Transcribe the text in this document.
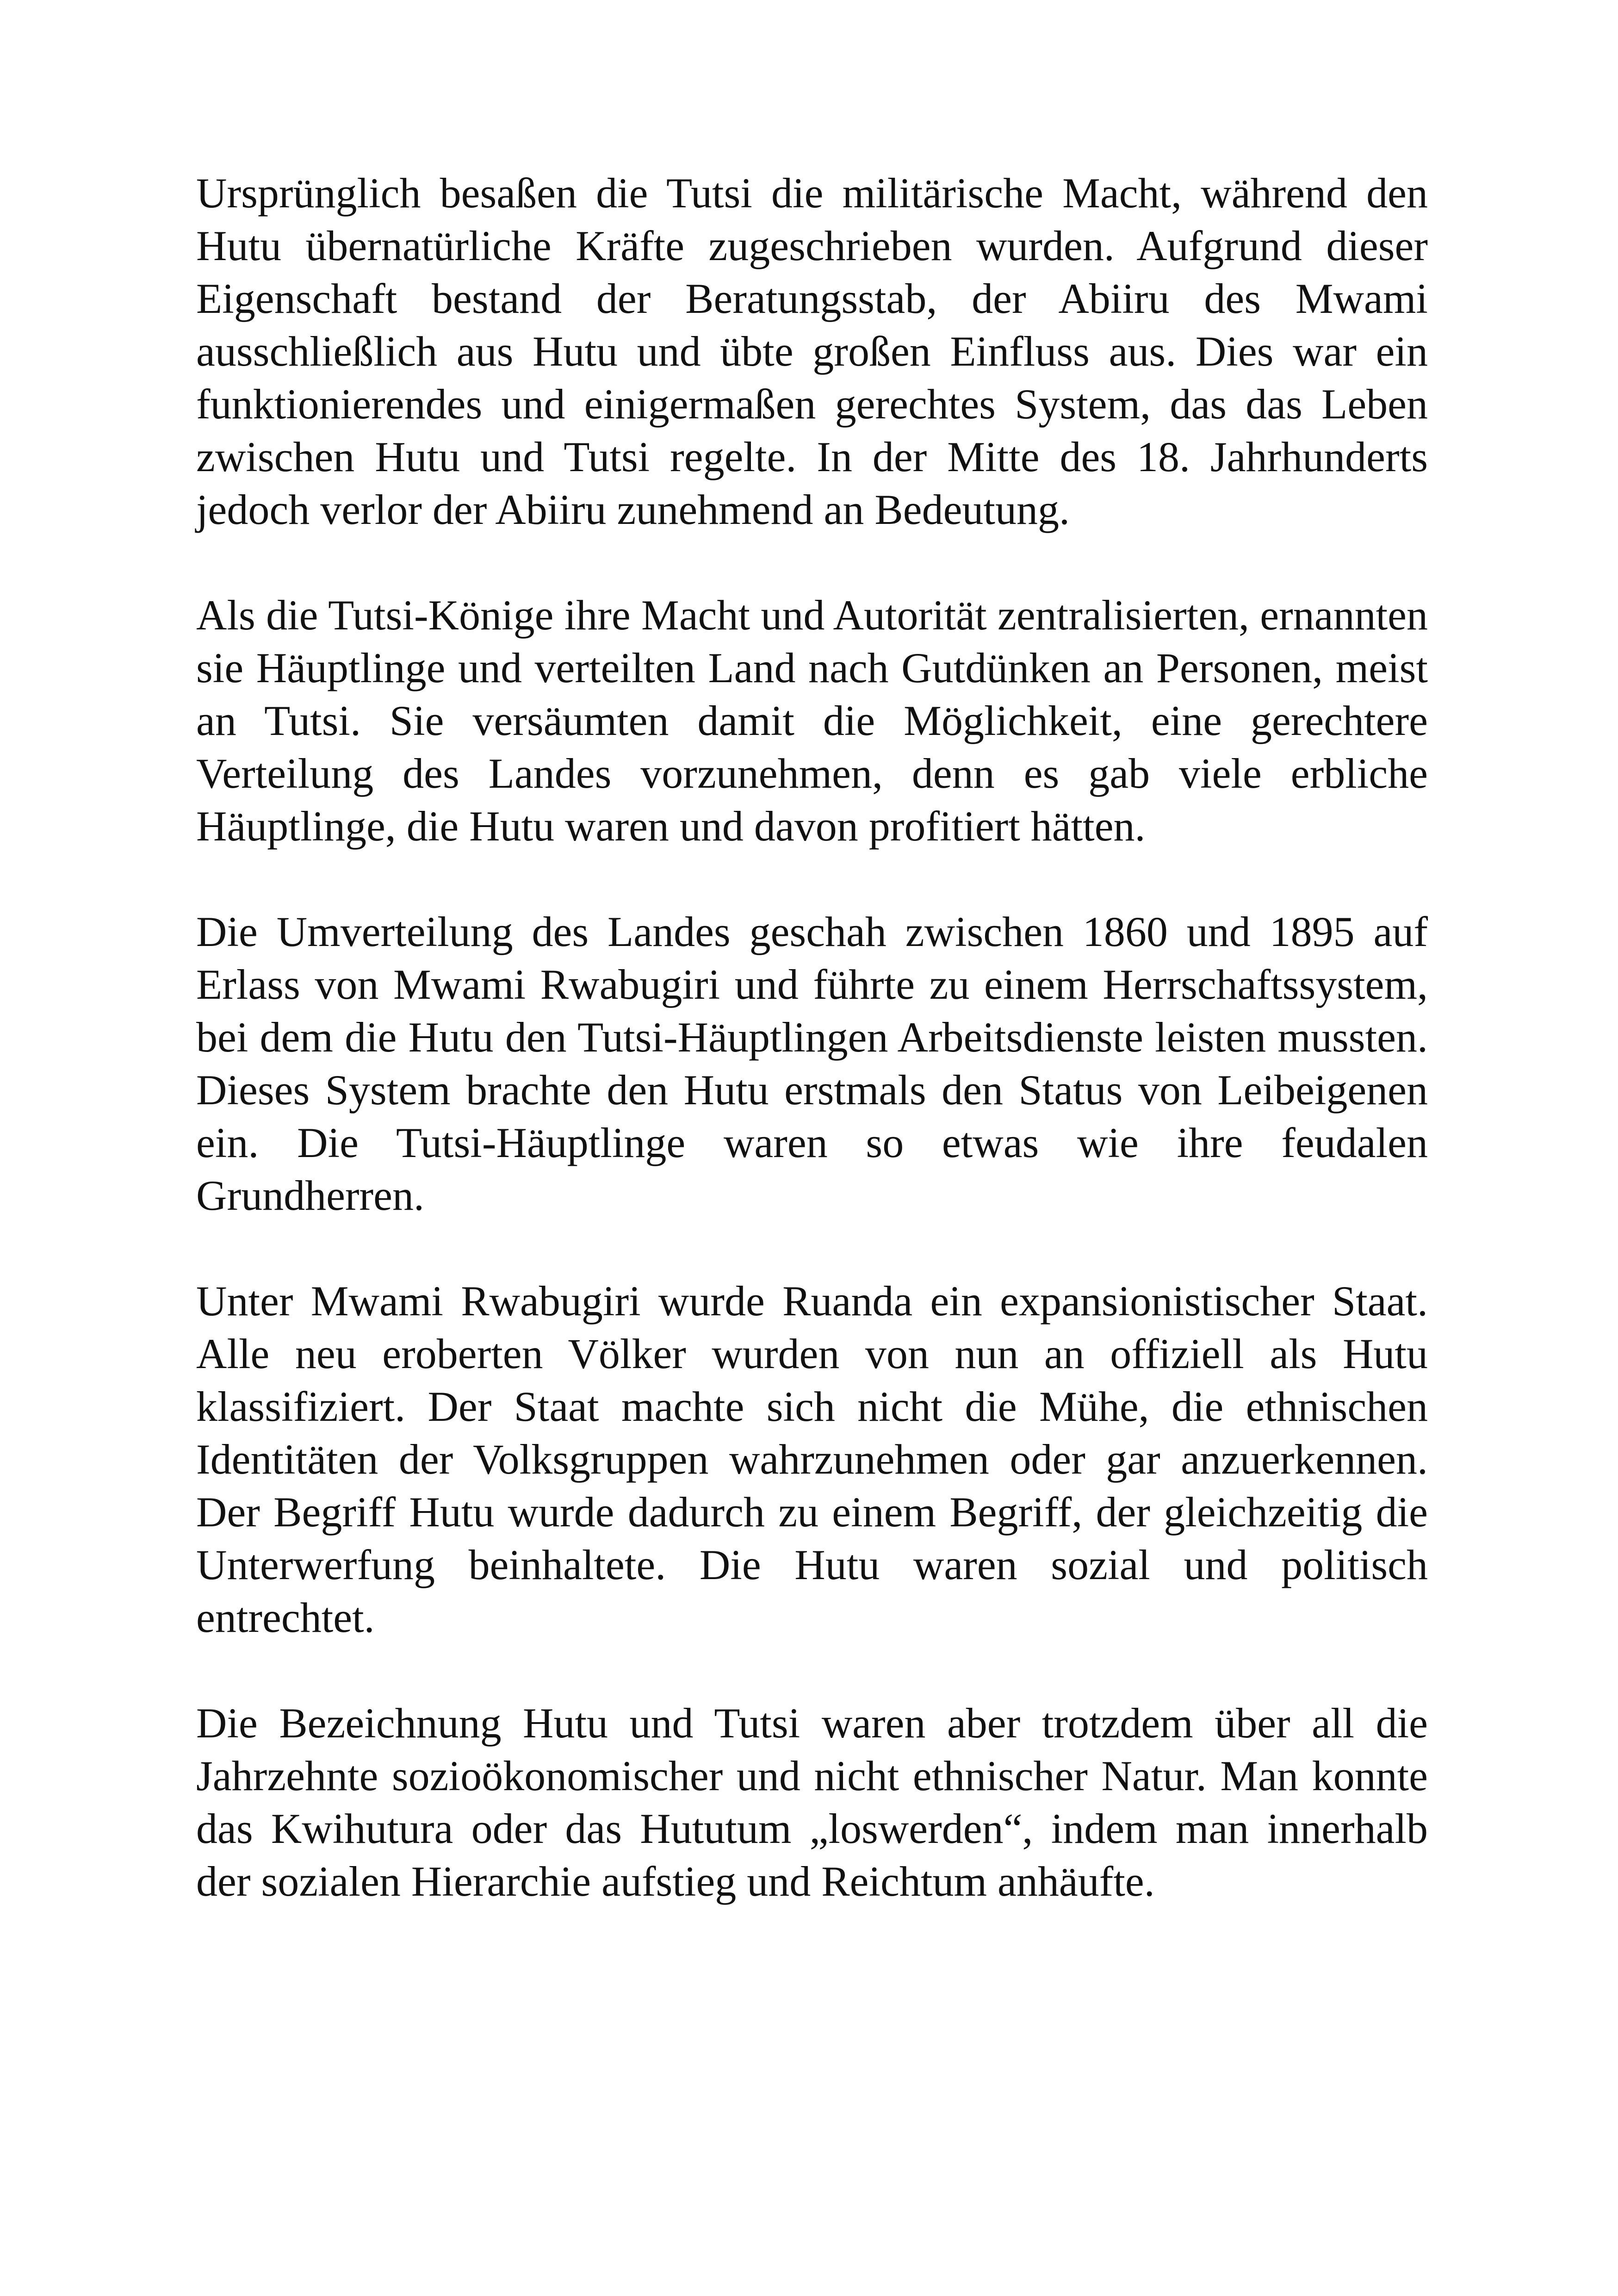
Ursprünglich besaßen die Tutsi die militärische Macht, während den Hutu übernatürliche Kräfte zugeschrieben wurden. Aufgrund dieser Eigenschaft bestand der Beratungsstab, der Abiiru des Mwami ausschließlich aus Hutu und übte großen Einfluss aus. Dies war ein funktionierendes und einigermaßen gerechtes System, das das Leben zwischen Hutu und Tutsi regelte. In der Mitte des 18. Jahrhunderts jedoch verlor der Abiiru zunehmend an Bedeutung.

Als die Tutsi-Könige ihre Macht und Autorität zentralisierten, ernannten sie Häuptlinge und verteilten Land nach Gutdünken an Personen, meist an Tutsi. Sie versäumten damit die Möglichkeit, eine gerechtere Verteilung des Landes vorzunehmen, denn es gab viele erbliche Häuptlinge, die Hutu waren und davon profitiert hätten.

Die Umverteilung des Landes geschah zwischen 1860 und 1895 auf Erlass von Mwami Rwabugiri und führte zu einem Herrschaftssystem, bei dem die Hutu den Tutsi-Häuptlingen Arbeitsdienste leisten mussten. Dieses System brachte den Hutu erstmals den Status von Leibeigenen ein. Die Tutsi-Häuptlinge waren so etwas wie ihre feudalen Grundherren.

Unter Mwami Rwabugiri wurde Ruanda ein expansionistischer Staat. Alle neu eroberten Völker wurden von nun an offiziell als Hutu klassifiziert. Der Staat machte sich nicht die Mühe, die ethnischen Identitäten der Volksgruppen wahrzunehmen oder gar anzuerkennen. Der Begriff Hutu wurde dadurch zu einem Begriff, der gleichzeitig die Unterwerfung beinhaltete. Die Hutu waren sozial und politisch entrechtet.

Die Bezeichnung Hutu und Tutsi waren aber trotzdem über all die Jahrzehnte sozioökonomischer und nicht ethnischer Natur. Man konnte das Kwihutura oder das Hututum „loswerden“, indem man innerhalb der sozialen Hierarchie aufstieg und Reichtum anhäufte.
